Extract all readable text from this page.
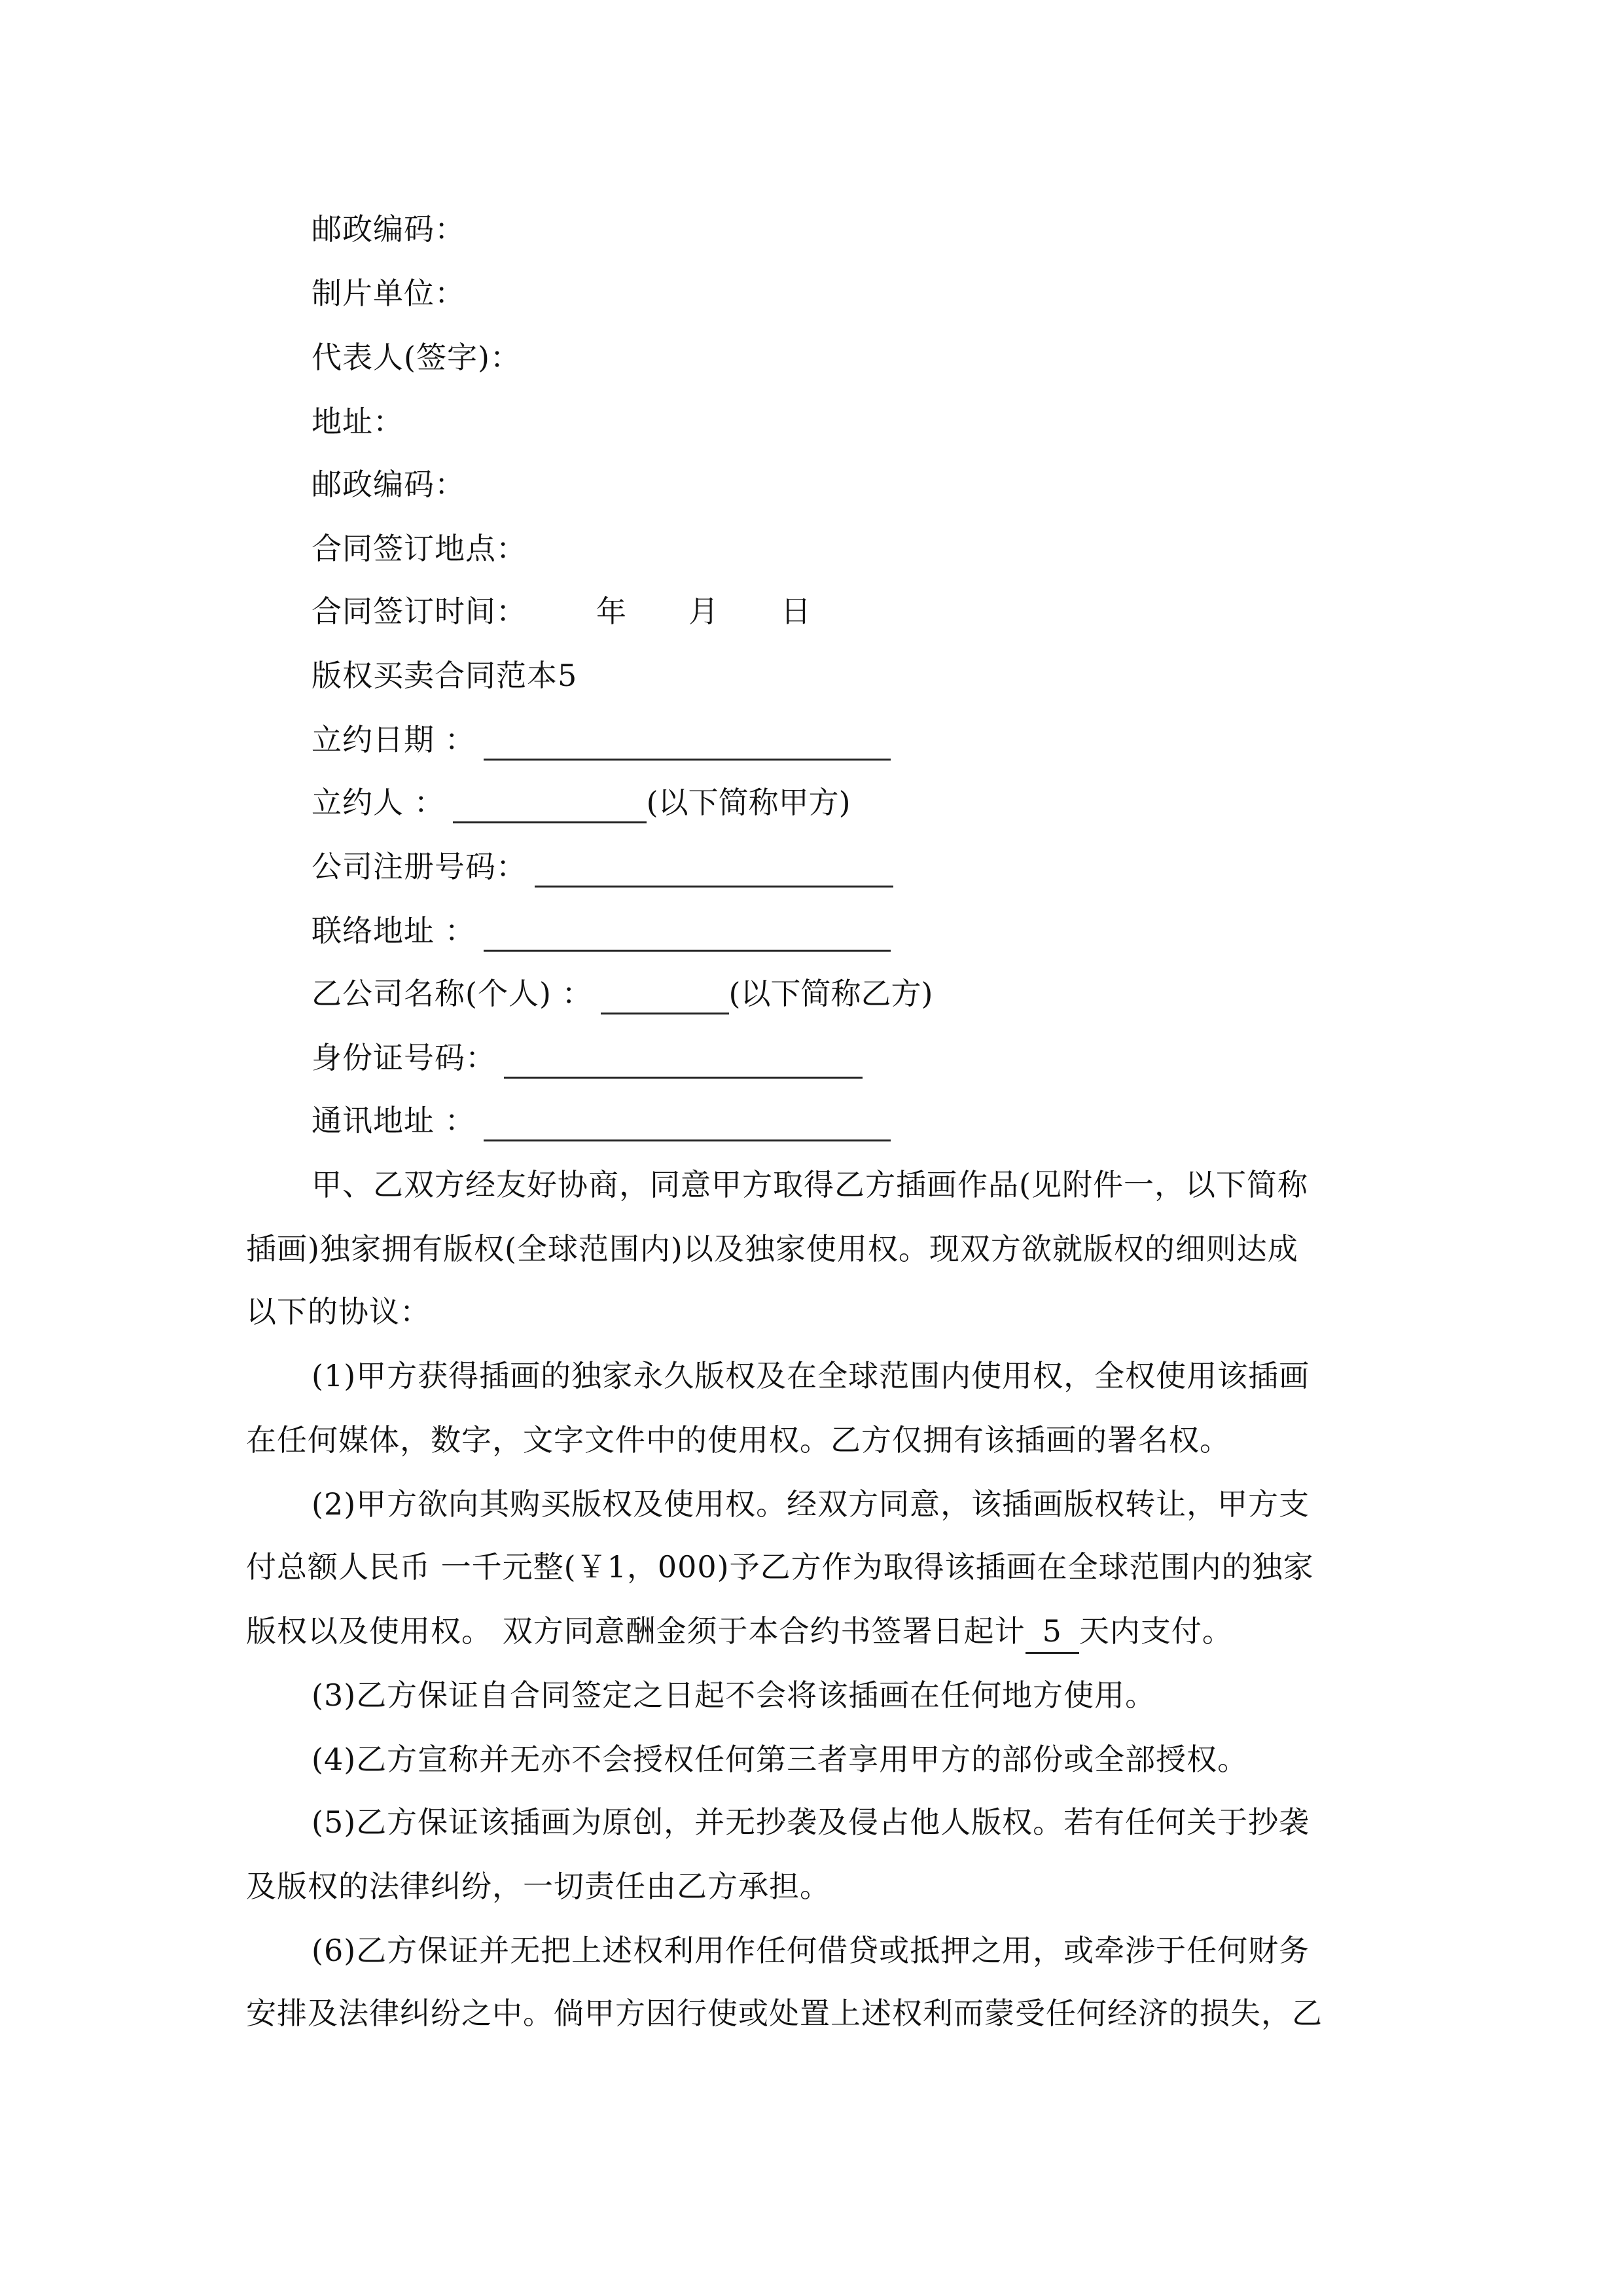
邮政编码：
制片单位：
代表人(签字)：
地址：
邮政编码：
合同签订地点：
合同签订时间： 年 月 日
版权买卖合同范本5
立约日期 ：
立约人 ：	(以下简称甲方)
公司注册号码：
联络地址 ：
乙公司名称(个人) ：	(以下简称乙方)
身份证号码：
通讯地址 ：
甲、乙双方经友好协商，同意甲方取得乙方插画作品(见附件一，以下简称
插画)独家拥有版权(全球范围内)以及独家使用权。现双方欲就版权的细则达成
以下的协议：
(1)甲方获得插画的独家永久版权及在全球范围内使用权，全权使用该插画
在任何媒体，数字，文字文件中的使用权。乙方仅拥有该插画的署名权。
(2)甲方欲向其购买版权及使用权。经双方同意，该插画版权转让，甲方支
付总额人民币 一千元整(￥1，000)予乙方作为取得该插画在全球范围内的独家
版权以及使用权。 双方同意酬金须于本合约书签署日起计 5 天内支付。
(3)乙方保证自合同签定之日起不会将该插画在任何地方使用。
(4)乙方宣称并无亦不会授权任何第三者享用甲方的部份或全部授权。
(5)乙方保证该插画为原创，并无抄袭及侵占他人版权。若有任何关于抄袭
及版权的法律纠纷，一切责任由乙方承担。
(6)乙方保证并无把上述权利用作任何借贷或抵押之用，或牵涉于任何财务
安排及法律纠纷之中。倘甲方因行使或处置上述权利而蒙受任何经济的损失，乙
